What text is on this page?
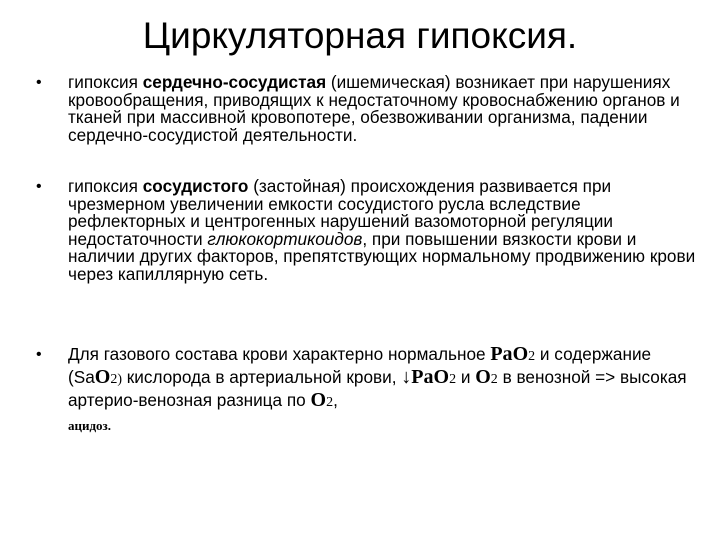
Циркуляторная гипоксия.
• гипоксия сердечно-сосудистая (ишемическая) возникает при нарушениях кровообращения, приводящих к недостаточному кровоснабжению органов и тканей при массивной кровопотере, обезвоживании организма, падении сердечно-сосудистой деятельности.
• гипоксия сосудистого (застойная) происхождения развивается при чрезмерном увеличении емкости сосудистого русла вследствие рефлекторных и центрогенных нарушений вазомоторной регуляции недостаточности глюкокортикоидов, при повышении вязкости крови и наличии других факторов, препятствующих нормальному продвижению крови через капиллярную сеть.
• Для газового состава крови характерно нормальное PaO2 и содержание (SaO2) кислорода в артериальной крови, ↓PaO2 и O2 в венозной => высокая артерио-венозная разница по O2,
ацидоз.
